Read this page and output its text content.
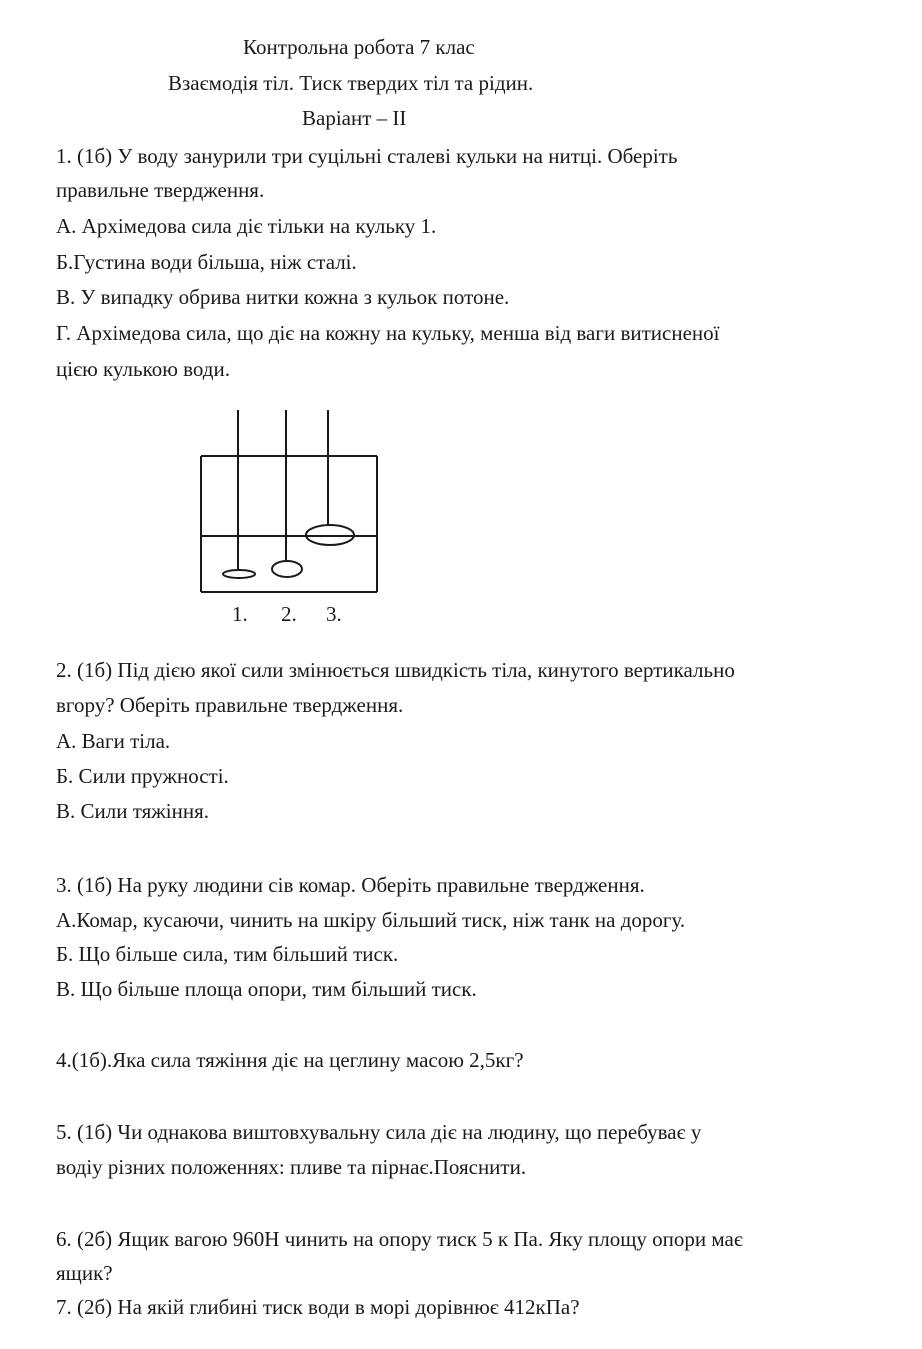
Контрольна робота 7 клас
Взаємодія тіл. Тиск твердих тіл та рідин.
Варіант – ІІ
1. (1б) У воду занурили три суцільні сталеві кульки на нитці. Оберіть
правильне твердження.
А. Архімедова сила діє тільки на кульку 1.
Б.Густина води більша, ніж сталі.
В. У випадку обрива нитки кожна з кульок потоне.
Г. Архімедова сила, що діє на кожну на кульку, менша від ваги витисненої
цією кулькою води.
1. 2. 3.
2. (1б) Під дією якої сили змінюється швидкість тіла, кинутого вертикально
вгору? Оберіть правильне твердження.
А. Ваги тіла.
Б. Сили пружності.
В. Сили тяжіння.
3. (1б) На руку людини сів комар. Оберіть правильне твердження.
А.Комар, кусаючи, чинить на шкіру більший тиск, ніж танк на дорогу.
Б. Що більше сила, тим більший тиск.
В. Що більше площа опори, тим більший тиск.
4.(1б).Яка сила тяжіння діє на цеглину масою 2,5кг?
5. (1б) Чи однакова виштовхувальну сила діє на людину, що перебуває у
водіу різних положеннях: пливе та пірнає.Пояснити.
6. (2б) Ящик вагою 960Н чинить на опору тиск 5 к Па. Яку площу опори має
ящик?
7. (2б) На якій глибині тиск води в морі дорівнює 412кПа?
